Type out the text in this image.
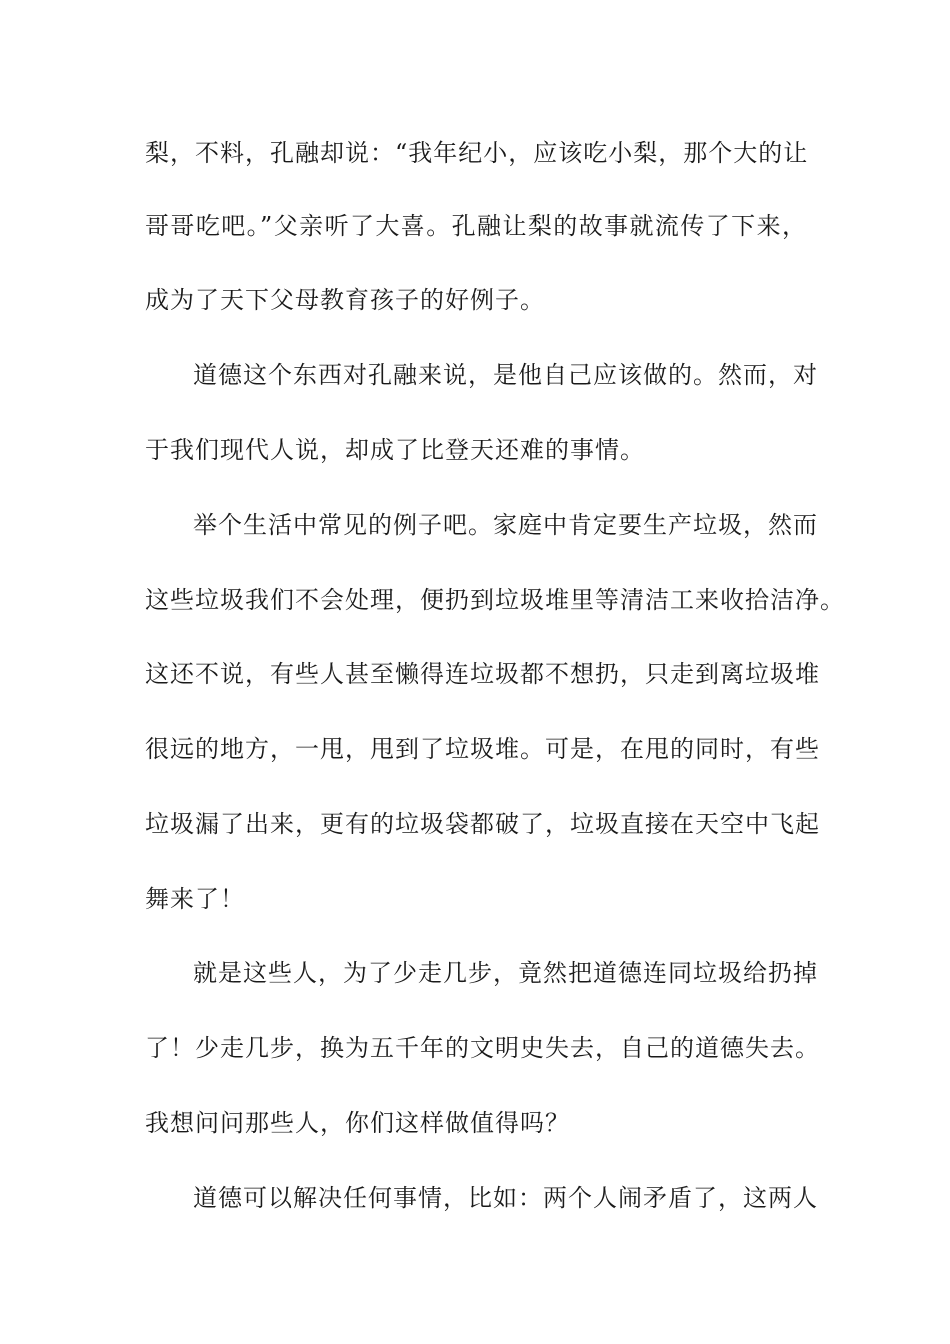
梨，不料，孔融却说：“我年纪小，应该吃小梨，那个大的让
哥哥吃吧。”父亲听了大喜。孔融让梨的故事就流传了下来，
成为了天下父母教育孩子的好例子。
道德这个东西对孔融来说，是他自己应该做的。然而，对
于我们现代人说，却成了比登天还难的事情。
举个生活中常见的例子吧。家庭中肯定要生产垃圾，然而
这些垃圾我们不会处理，便扔到垃圾堆里等清洁工来收拾洁净。
这还不说，有些人甚至懒得连垃圾都不想扔，只走到离垃圾堆
很远的地方，一甩，甩到了垃圾堆。可是，在甩的同时，有些
垃圾漏了出来，更有的垃圾袋都破了，垃圾直接在天空中飞起
舞来了！
就是这些人，为了少走几步，竟然把道德连同垃圾给扔掉
了！少走几步，换为五千年的文明史失去，自己的道德失去。
我想问问那些人，你们这样做值得吗？
道德可以解决任何事情，比如：两个人闹矛盾了，这两人
